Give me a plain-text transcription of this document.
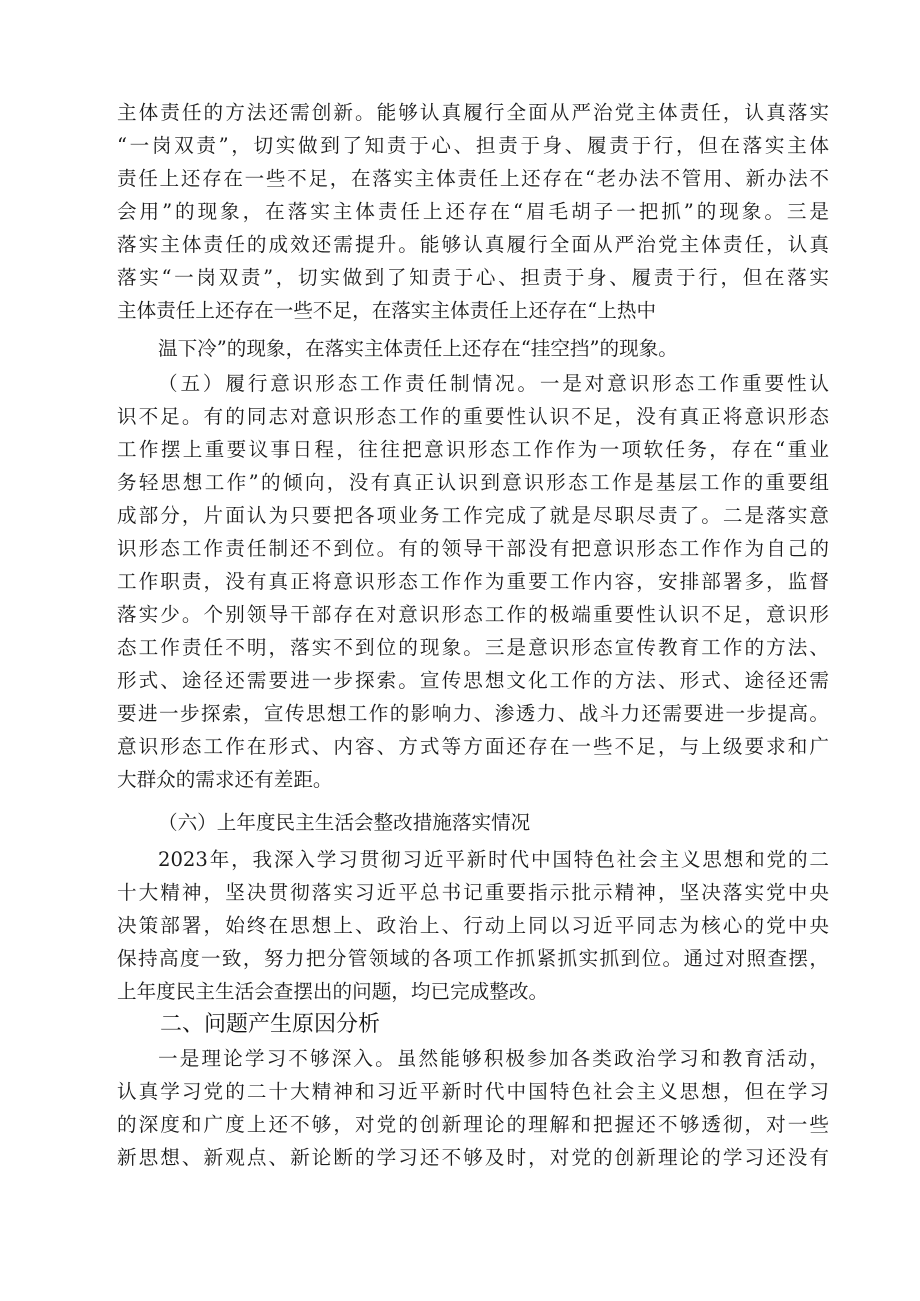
主体责任的方法还需创新。能够认真履行全面从严治党主体责任，认真落实
“一岗双责”，切实做到了知责于心、担责于身、履责于行，但在落实主体
责任上还存在一些不足，在落实主体责任上还存在“老办法不管用、新办法不
会用”的现象，在落实主体责任上还存在“眉毛胡子一把抓”的现象。三是
落实主体责任的成效还需提升。能够认真履行全面从严治党主体责任，认真
落实“一岗双责”，切实做到了知责于心、担责于身、履责于行，但在落实
主体责任上还存在一些不足，在落实主体责任上还存在“上热中
温下冷”的现象，在落实主体责任上还存在“挂空挡”的现象。
（五）履行意识形态工作责任制情况。一是对意识形态工作重要性认
识不足。有的同志对意识形态工作的重要性认识不足，没有真正将意识形态
工作摆上重要议事日程，往往把意识形态工作作为一项软任务，存在“重业
务轻思想工作”的倾向，没有真正认识到意识形态工作是基层工作的重要组
成部分，片面认为只要把各项业务工作完成了就是尽职尽责了。二是落实意
识形态工作责任制还不到位。有的领导干部没有把意识形态工作作为自己的
工作职责，没有真正将意识形态工作作为重要工作内容，安排部署多，监督
落实少。个别领导干部存在对意识形态工作的极端重要性认识不足，意识形
态工作责任不明，落实不到位的现象。三是意识形态宣传教育工作的方法、
形式、途径还需要进一步探索。宣传思想文化工作的方法、形式、途径还需
要进一步探索，宣传思想工作的影响力、渗透力、战斗力还需要进一步提高。
意识形态工作在形式、内容、方式等方面还存在一些不足，与上级要求和广
大群众的需求还有差距。
（六）上年度民主生活会整改措施落实情况
2023年，我深入学习贯彻习近平新时代中国特色社会主义思想和党的二
十大精神，坚决贯彻落实习近平总书记重要指示批示精神，坚决落实党中央
决策部署，始终在思想上、政治上、行动上同以习近平同志为核心的党中央
保持高度一致，努力把分管领域的各项工作抓紧抓实抓到位。通过对照查摆，
上年度民主生活会查摆出的问题，均已完成整改。
二、问题产生原因分析
一是理论学习不够深入。虽然能够积极参加各类政治学习和教育活动，
认真学习党的二十大精神和习近平新时代中国特色社会主义思想，但在学习
的深度和广度上还不够，对党的创新理论的理解和把握还不够透彻，对一些
新思想、新观点、新论断的学习还不够及时，对党的创新理论的学习还没有
